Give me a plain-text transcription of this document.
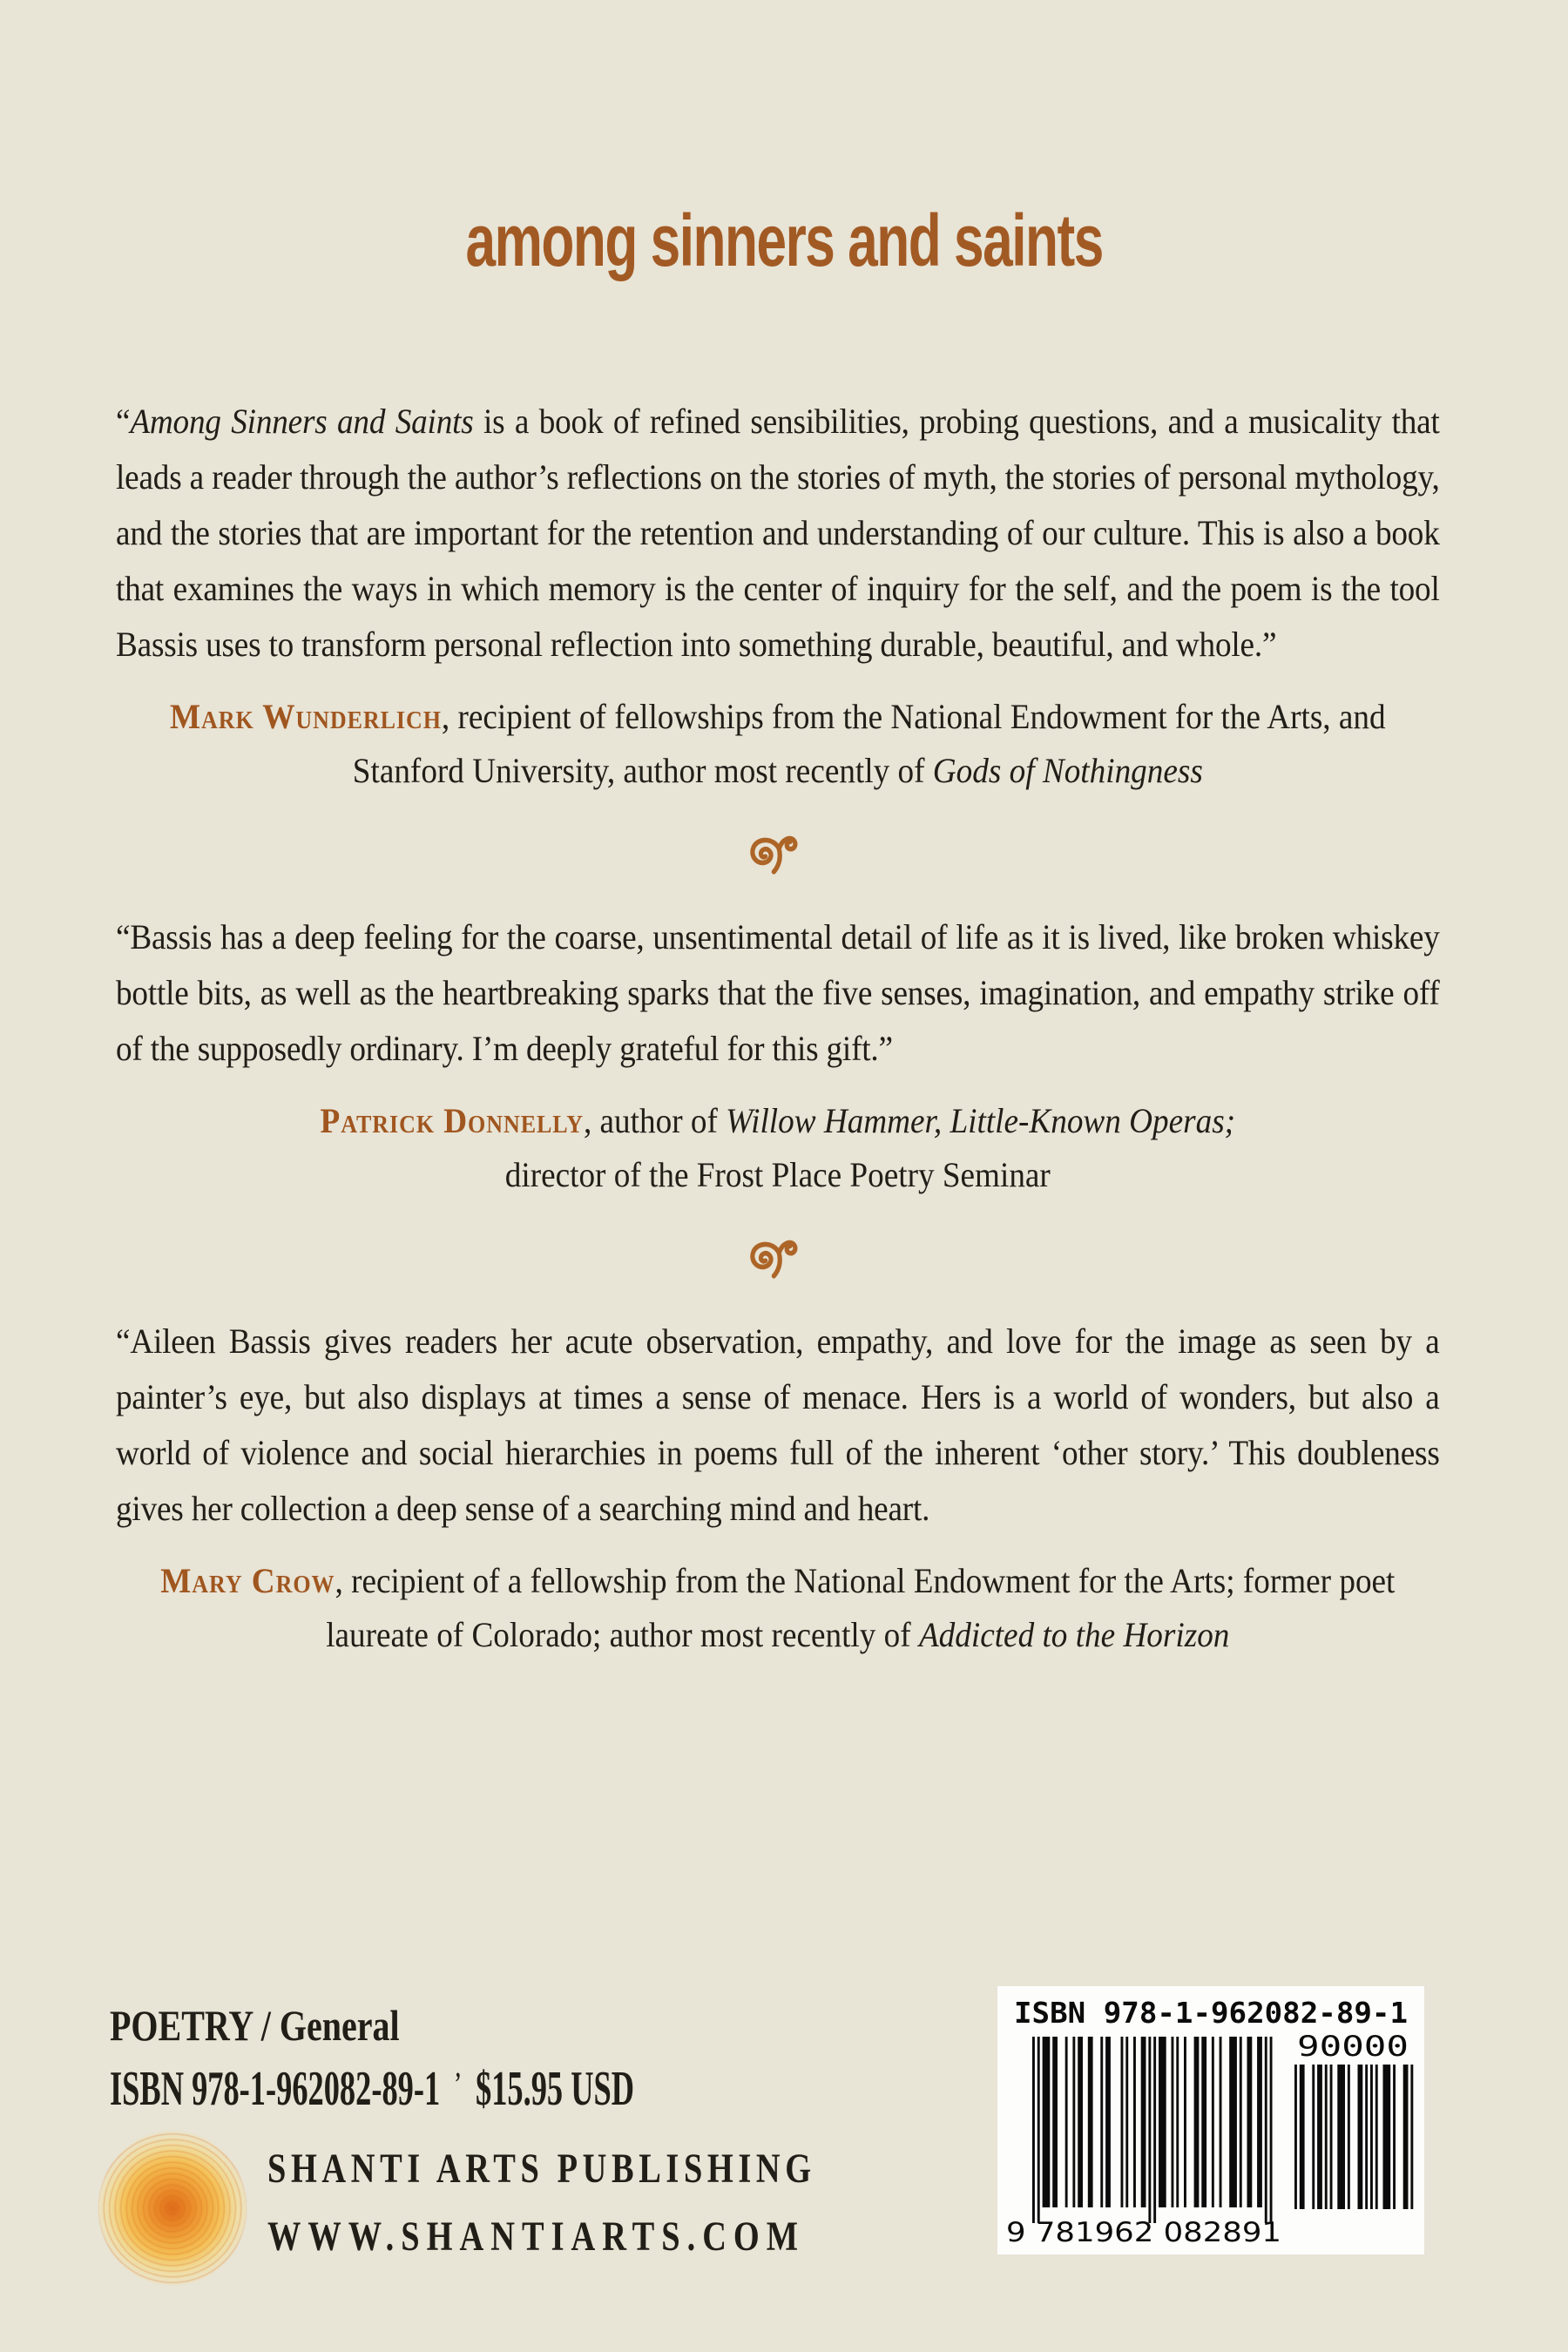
among sinners and saints

“Among Sinners and Saints is a book of refined sensibilities, probing questions, and a musicality that leads a reader through the author’s reflections on the stories of myth, the stories of personal mythology, and the stories that are important for the retention and understanding of our culture. This is also a book that examines the ways in which memory is the center of inquiry for the self, and the poem is the tool Bassis uses to transform personal reflection into something durable, beautiful, and whole.”

Mark Wunderlich, recipient of fellowships from the National Endowment for the Arts, and Stanford University, author most recently of Gods of Nothingness

“Bassis has a deep feeling for the coarse, unsentimental detail of life as it is lived, like broken whiskey bottle bits, as well as the heartbreaking sparks that the five senses, imagination, and empathy strike off of the supposedly ordinary. I’m deeply grateful for this gift.”

Patrick Donnelly, author of Willow Hammer, Little-Known Operas;
director of the Frost Place Poetry Seminar

“Aileen Bassis gives readers her acute observation, empathy, and love for the image as seen by a painter’s eye, but also displays at times a sense of menace. Hers is a world of wonders, but also a world of violence and social hierarchies in poems full of the inherent ‘other story.’ This doubleness gives her collection a deep sense of a searching mind and heart.

Mary Crow, recipient of a fellowship from the National Endowment for the Arts; former poet laureate of Colorado; author most recently of Addicted to the Horizon

POETRY / General
ISBN 978-1-962082-89-1 ’ $15.95 USD
SHANTI ARTS PUBLISHING
WWW.SHANTIARTS.COM
ISBN 978-1-962082-89-1
9 781962 082891
90000
